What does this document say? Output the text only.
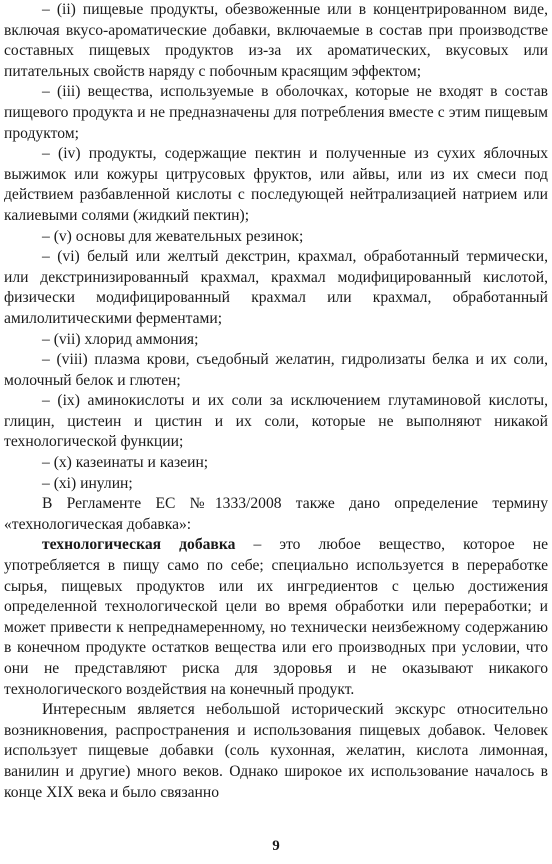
– (ii) пищевые продукты, обезвоженные или в концентрированном виде, включая вкусо-ароматические добавки, включаемые в состав при производстве составных пищевых продуктов из-за их ароматических, вкусовых или питательных свойств наряду с побочным красящим эффектом;

– (iii) вещества, используемые в оболочках, которые не входят в состав пищевого продукта и не предназначены для потребления вместе с этим пищевым продуктом;

– (iv) продукты, содержащие пектин и полученные из сухих яблочных выжимок или кожуры цитрусовых фруктов, или айвы, или из их смеси под действием разбавленной кислоты с последующей нейтрализацией натрием или калиевыми солями (жидкий пектин);

– (v) основы для жевательных резинок;

– (vi) белый или желтый декстрин, крахмал, обработанный термически, или декстринизированный крахмал, крахмал модифицированный кислотой, физически модифицированный крахмал или крахмал, обработанный амилолитическими ферментами;

– (vii) хлорид аммония;

– (viii) плазма крови, съедобный желатин, гидролизаты белка и их соли, молочный белок и глютен;

– (ix) аминокислоты и их соли за исключением глутаминовой кислоты, глицин, цистеин и цистин и их соли, которые не выполняют никакой технологической функции;

– (x) казеинаты и казеин;

– (xi) инулин;

В Регламенте ЕС №1333/2008 также дано определение термину «технологическая добавка»:

технологическая добавка – это любое вещество, которое не употребляется в пищу само по себе; специально используется в переработке сырья, пищевых продуктов или их ингредиентов с целью достижения определенной технологической цели во время обработки или переработки; и может привести к непреднамеренному, но технически неизбежному содержанию в конечном продукте остатков вещества или его производных при условии, что они не представляют риска для здоровья и не оказывают никакого технологического воздействия на конечный продукт.

Интересным является небольшой исторический экскурс относительно возникновения, распространения и использования пищевых добавок. Человек использует пищевые добавки (соль кухонная, желатин, кислота лимонная, ванилин и другие) много веков. Однако широкое их использование началось в конце XIX века и было связанно

9
